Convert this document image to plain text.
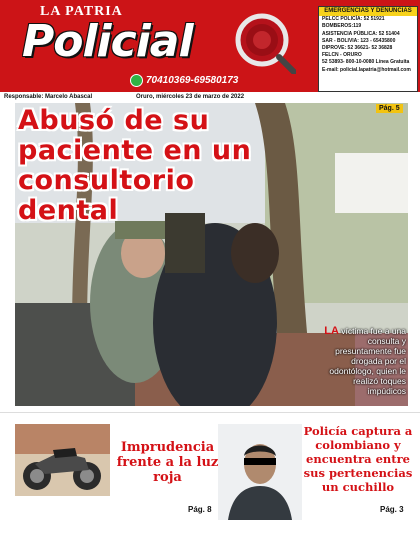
LA PATRIA
Policial
70410369-69580173
EMERGENCIAS Y DENUNCIAS
PELCC POLICÍA: 52 51921
BOMBEROS:119
ASISTENCIA PÚBLICA: 52 51404
SAR - BOLIVIA: 123 - 65435800
DIPROVE: 52 36621- 52 36828
FELCN - ORURO
52 53893- 800-10-0080 Línea Gratuita
E-mail: policial.lapatria@hotmail.com
Responsable: Marcelo Abascal	Oruro, miércoles 23 de marzo de 2022
Abusó de su paciente en un consultorio dental
Pág. 5
LA víctima fue a una consulta y presuntamente fue drogada por el odontólogo, quien le realizó toques impúdicos
Imprudencia frente a la luz roja
Pág. 8
Policía captura a colombiano y encuentra entre sus pertenencias un cuchillo
Pág. 3
